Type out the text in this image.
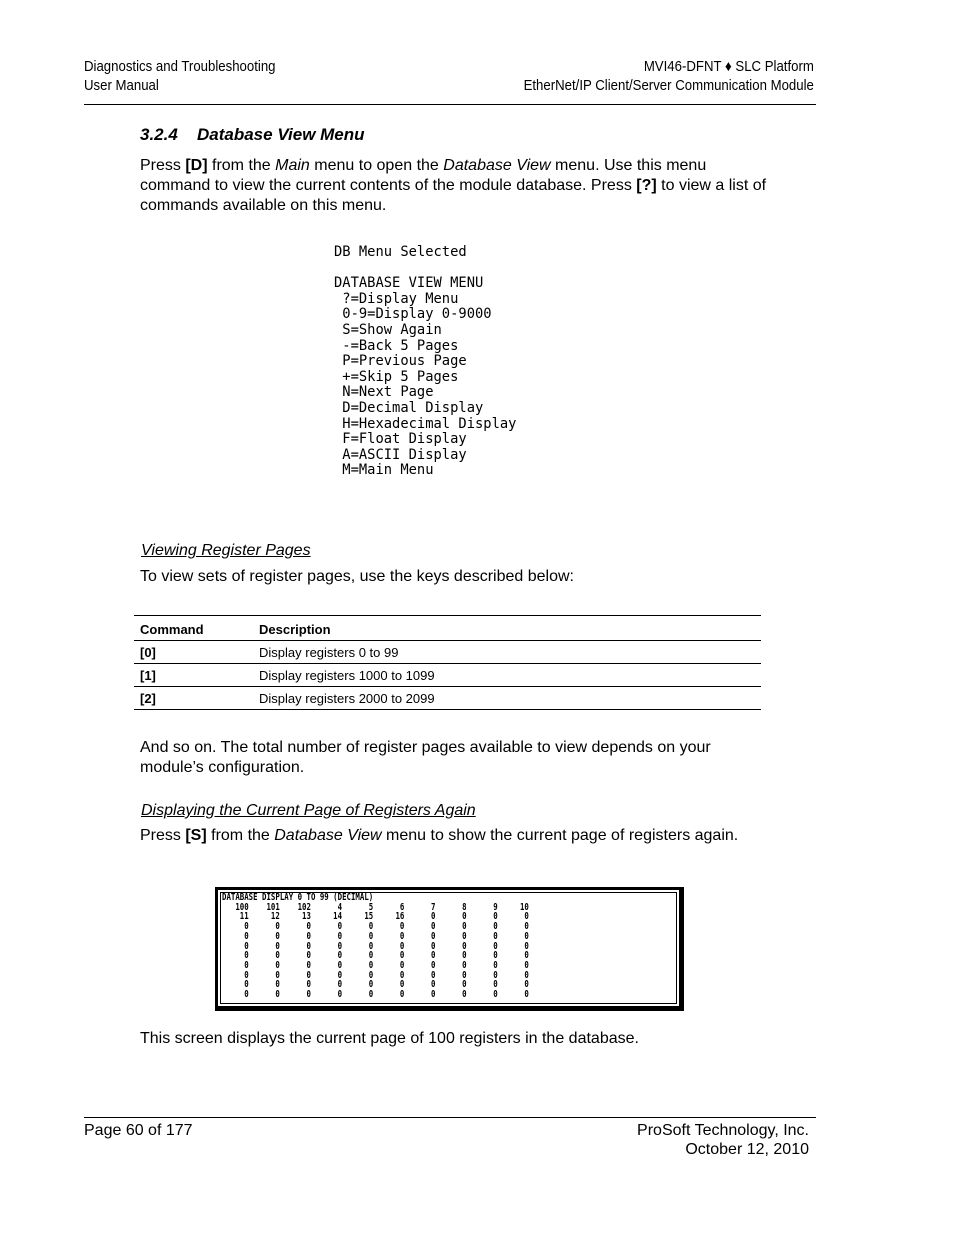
Diagnostics and Troubleshooting
User Manual
MVI46-DFNT ♦ SLC Platform
EtherNet/IP Client/Server Communication Module
3.2.4 Database View Menu
Press [D] from the Main menu to open the Database View menu. Use this menu command to view the current contents of the module database. Press [?] to view a list of commands available on this menu.
DB Menu Selected

DATABASE VIEW MENU
?=Display Menu
0-9=Display 0-9000
S=Show Again
-=Back 5 Pages
P=Previous Page
+=Skip 5 Pages
N=Next Page
D=Decimal Display
H=Hexadecimal Display
F=Float Display
A=ASCII Display
M=Main Menu
Viewing Register Pages
To view sets of register pages, use the keys described below:
Command	Description
[0]	Display registers 0 to 99
[1]	Display registers 1000 to 1099
[2]	Display registers 2000 to 2099
And so on. The total number of register pages available to view depends on your module’s configuration.
Displaying the Current Page of Registers Again
Press [S] from the Database View menu to show the current page of registers again.
DATABASE DISPLAY 0 TO 99 (DECIMAL)
100    101    102      4      5      6      7      8      9     10
11     12     13     14     15     16      0      0      0      0
0      0      0      0      0      0      0      0      0      0
0      0      0      0      0      0      0      0      0      0
0      0      0      0      0      0      0      0      0      0
0      0      0      0      0      0      0      0      0      0
0      0      0      0      0      0      0      0      0      0
0      0      0      0      0      0      0      0      0      0
0      0      0      0      0      0      0      0      0      0
0      0      0      0      0      0      0      0      0      0
This screen displays the current page of 100 registers in the database.
Page 60 of 177	ProSoft Technology, Inc.
October 12, 2010
